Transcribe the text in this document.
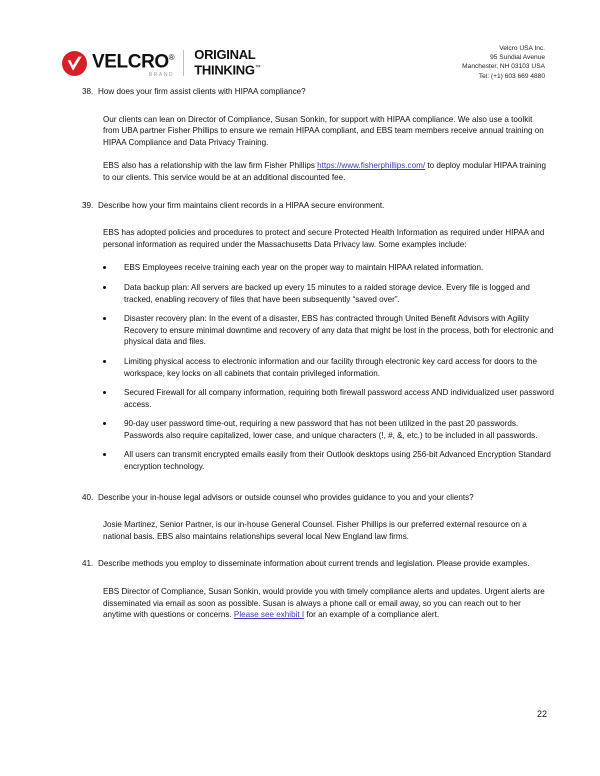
VELCRO®
BRAND
ORIGINAL
THINKING™
Velcro USA Inc.
95 Sundial Avenue
Manchester, NH 03103 USA
Tel: (+1) 603 669 4880
38. How does your firm assist clients with HIPAA compliance?
Our clients can lean on Director of Compliance, Susan Sonkin, for support with HIPAA compliance. We also use a toolkit from UBA partner Fisher Phillips to ensure we remain HIPAA compliant, and EBS team members receive annual training on HIPAA Compliance and Data Privacy Training.
EBS also has a relationship with the law firm Fisher Phillips https://www.fisherphillips.com/ to deploy modular HIPAA training to our clients. This service would be at an additional discounted fee.
39. Describe how your firm maintains client records in a HIPAA secure environment.
EBS has adopted policies and procedures to protect and secure Protected Health Information as required under HIPAA and personal information as required under the Massachusetts Data Privacy law. Some examples include:
EBS Employees receive training each year on the proper way to maintain HIPAA related information.
Data backup plan: All servers are backed up every 15 minutes to a raided storage device. Every file is logged and tracked, enabling recovery of files that have been subsequently “saved over”.
Disaster recovery plan: In the event of a disaster, EBS has contracted through United Benefit Advisors with Agility Recovery to ensure minimal downtime and recovery of any data that might be lost in the process, both for electronic and physical data and files.
Limiting physical access to electronic information and our facility through electronic key card access for doors to the workspace, key locks on all cabinets that contain privileged information.
Secured Firewall for all company information, requiring both firewall password access AND individualized user password access.
90-day user password time-out, requiring a new password that has not been utilized in the past 20 passwords. Passwords also require capitalized, lower case, and unique characters (!, #, &, etc.) to be included in all passwords.
All users can transmit encrypted emails easily from their Outlook desktops using 256-bit Advanced Encryption Standard encryption technology.
40. Describe your in-house legal advisors or outside counsel who provides guidance to you and your clients?
Josie Martinez, Senior Partner, is our in-house General Counsel. Fisher Phillips is our preferred external resource on a national basis. EBS also maintains relationships several local New England law firms.
41. Describe methods you employ to disseminate information about current trends and legislation. Please provide examples.
EBS Director of Compliance, Susan Sonkin, would provide you with timely compliance alerts and updates. Urgent alerts are disseminated via email as soon as possible. Susan is always a phone call or email away, so you can reach out to her anytime with questions or concerns. Please see exhibit I for an example of a compliance alert.
22
